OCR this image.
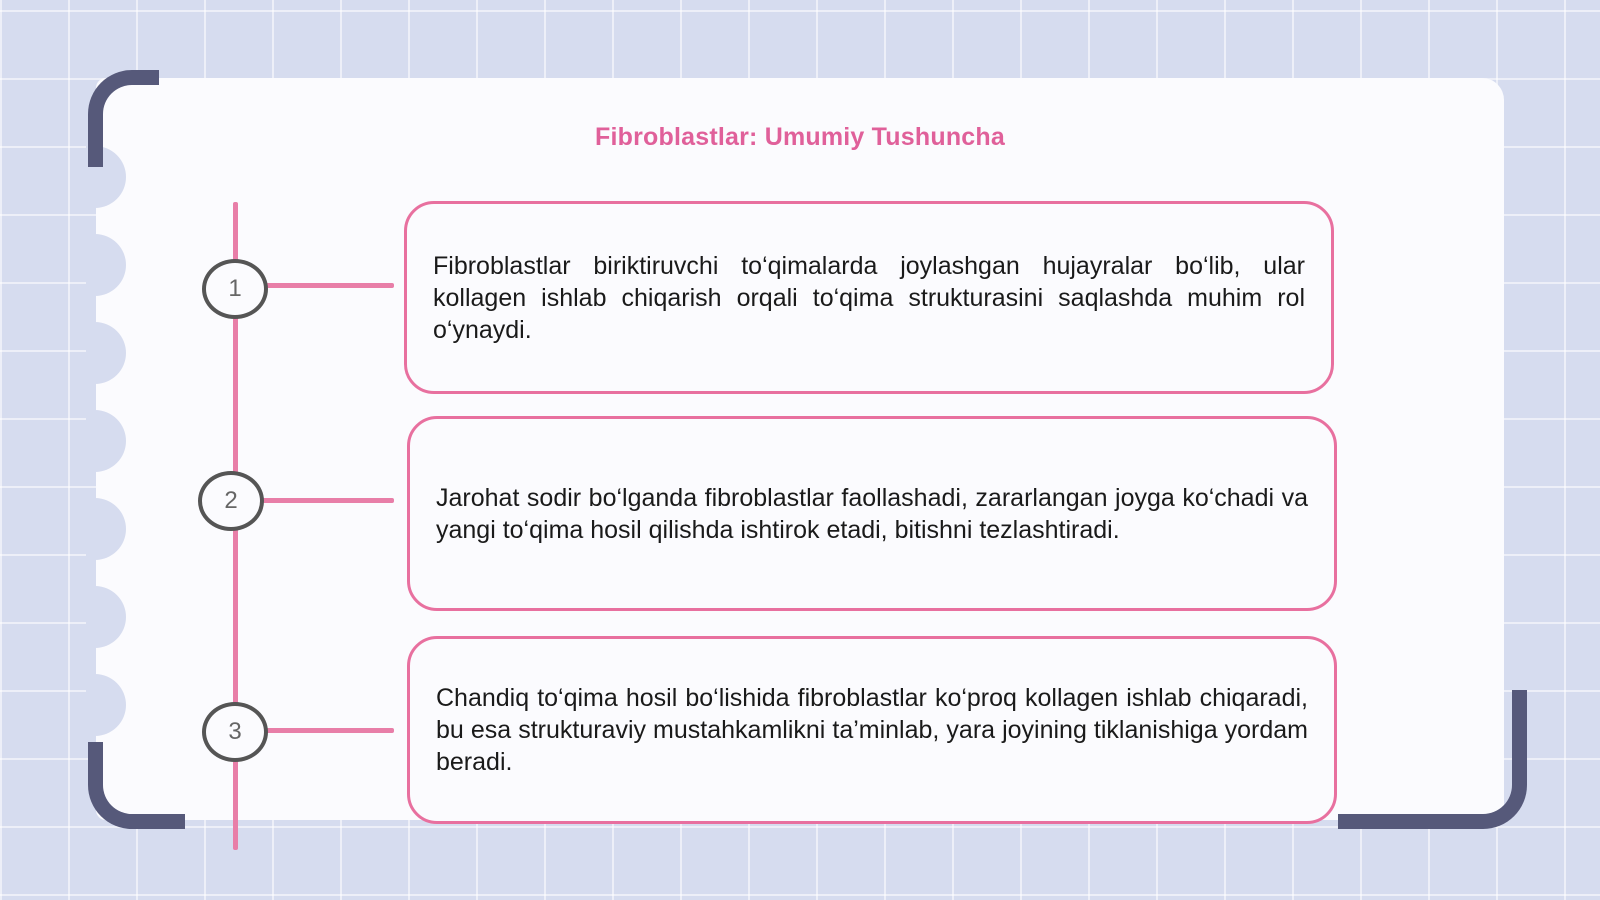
Fibroblastlar: Umumiy Tushuncha
1
Fibroblastlar biriktiruvchi to‘qimalarda joylashgan hujayralar bo‘lib, ular kollagen ishlab chiqarish orqali to‘qima strukturasini saqlashda muhim rol o‘ynaydi.
2	Jarohat sodir bo‘lganda fibroblastlar faollashadi, zararlangan joyga ko‘chadi va yangi to‘qima hosil qilishda ishtirok etadi, bitishni tezlashtiradi.
3
Chandiq to‘qima hosil bo‘lishida fibroblastlar ko‘proq kollagen ishlab chiqaradi, bu esa strukturaviy mustahkamlikni ta’minlab, yara joyining tiklanishiga yordam beradi.
